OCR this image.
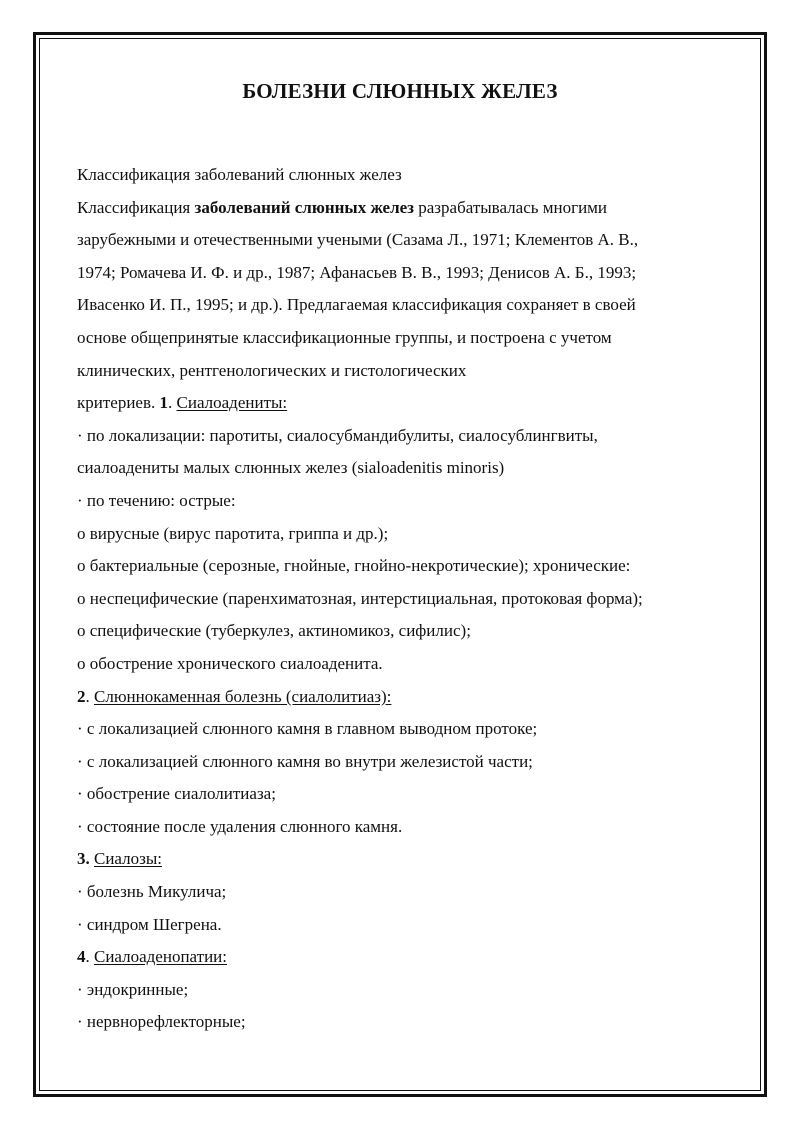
БОЛЕЗНИ СЛЮННЫХ ЖЕЛЕЗ
Классификация заболеваний слюнных желез
Классификация заболеваний слюнных желез разрабатывалась многими
зарубежными и отечественными учеными (Сазама Л., 1971; Клементов А. В.,
1974; Ромачева И. Ф. и др., 1987; Афанасьев В. В., 1993; Денисов А. Б., 1993;
Ивасенко И. П., 1995; и др.). Предлагаемая классификация сохраняет в своей
основе общепринятые классификационные группы, и построена с учетом
клинических, рентгенологических и гистологических
критериев. 1. Сиалоадениты:
· по локализации: паротиты, сиалосубмандибулиты, сиалосублингвиты,
сиалоадениты малых слюнных желез (sialoadenitis minoris)
· по течению: острые:
о вирусные (вирус паротита, гриппа и др.);
о бактериальные (серозные, гнойные, гнойно-некротические); хронические:
о неспецифические (паренхиматозная, интерстициальная, протоковая форма);
о специфические (туберкулез, актиномикоз, сифилис);
о обострение хронического сиалоаденита.
2. Слюннокаменная болезнь (сиалолитиаз):
· с локализацией слюнного камня в главном выводном протоке;
· с локализацией слюнного камня во внутри железистой части;
· обострение сиалолитиаза;
· состояние после удаления слюнного камня.
3. Сиалозы:
· болезнь Микулича;
· синдром Шегрена.
4. Сиалоаденопатии:
· эндокринные;
· нервнорефлекторные;
